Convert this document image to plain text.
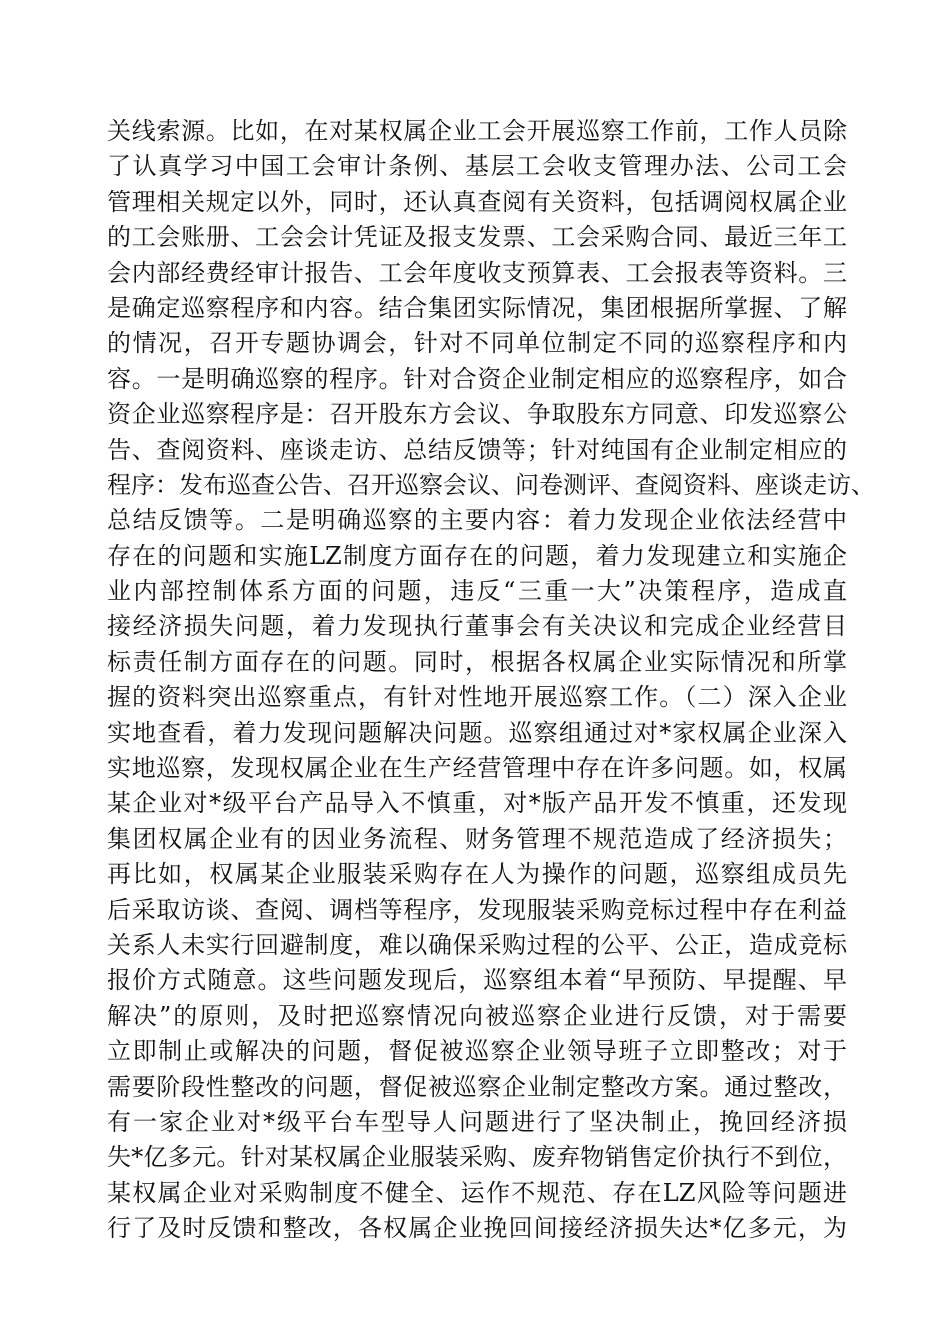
关线索源。比如，在对某权属企业工会开展巡察工作前，工作人员除
了认真学习中国工会审计条例、基层工会收支管理办法、公司工会
管理相关规定以外，同时，还认真查阅有关资料，包括调阅权属企业
的工会账册、工会会计凭证及报支发票、工会采购合同、最近三年工
会内部经费经审计报告、工会年度收支预算表、工会报表等资料。三
是确定巡察程序和内容。结合集团实际情况，集团根据所掌握、了解
的情况，召开专题协调会，针对不同单位制定不同的巡察程序和内
容。一是明确巡察的程序。针对合资企业制定相应的巡察程序，如合
资企业巡察程序是：召开股东方会议、争取股东方同意、印发巡察公
告、查阅资料、座谈走访、总结反馈等；针对纯国有企业制定相应的
程序：发布巡查公告、召开巡察会议、问卷测评、查阅资料、座谈走访、
总结反馈等。二是明确巡察的主要内容：着力发现企业依法经营中
存在的问题和实施LZ制度方面存在的问题，着力发现建立和实施企
业内部控制体系方面的问题，违反“三重一大”决策程序，造成直
接经济损失问题，着力发现执行董事会有关决议和完成企业经营目
标责任制方面存在的问题。同时，根据各权属企业实际情况和所掌
握的资料突出巡察重点，有针对性地开展巡察工作。（二）深入企业
实地查看，着力发现问题解决问题。巡察组通过对*家权属企业深入
实地巡察，发现权属企业在生产经营管理中存在许多问题。如，权属
某企业对*级平台产品导入不慎重，对*版产品开发不慎重，还发现
集团权属企业有的因业务流程、财务管理不规范造成了经济损失；
再比如，权属某企业服装采购存在人为操作的问题，巡察组成员先
后采取访谈、查阅、调档等程序，发现服装采购竞标过程中存在利益
关系人未实行回避制度，难以确保采购过程的公平、公正，造成竞标
报价方式随意。这些问题发现后，巡察组本着“早预防、早提醒、早
解决”的原则，及时把巡察情况向被巡察企业进行反馈，对于需要
立即制止或解决的问题，督促被巡察企业领导班子立即整改；对于
需要阶段性整改的问题，督促被巡察企业制定整改方案。通过整改，
有一家企业对*级平台车型导人问题进行了坚决制止，挽回经济损
失*亿多元。针对某权属企业服装采购、废弃物销售定价执行不到位，
某权属企业对采购制度不健全、运作不规范、存在LZ风险等问题进
行了及时反馈和整改，各权属企业挽回间接经济损失达*亿多元，为
